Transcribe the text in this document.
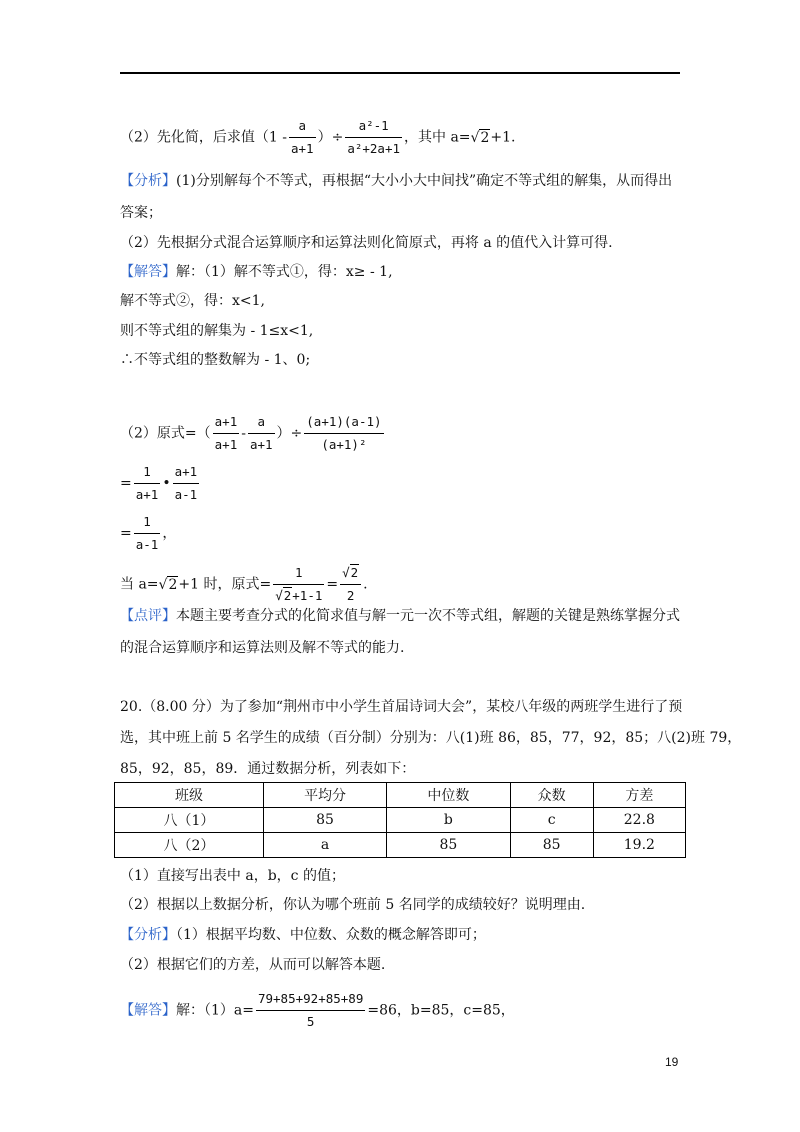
（2）先化简，后求值（$1 - \frac{a}{a+1}$ ）÷ $\frac{\text{a²-1}}{\text{a²+2a+1}}$ ，其中 a=√2+1.
【分析】(1)分别解每个不等式，再根据“大小小大中间找”确定不等式组的解集，从而得出
答案；
（2）先根据分式混合运算顺序和运算法则化简原式，再将 a 的值代入计算可得.
【解答】解：（1）解不等式①，得：x≥ - 1,
解不等式②，得：x<1,
则不等式组的解集为 - 1≤x<1,
∴不等式组的整数解为 - 1、0;
（2）原式=（ $\frac{a+1}{a+1} - \frac{a}{a+1}$ ）÷ $\frac{(a+1)(a-1)}{\text{(a+1)²}}$
= $\frac{1}{a+1}$ • $\frac{a+1}{a-1}$
= $\frac{1}{a-1}$ ，
当 a=√2+1 时，原式= $\frac{1}{√2+1-1} = \frac{√2}{2}$ .
【点评】本题主要考查分式的化简求值与解一元一次不等式组，解题的关键是熟练掌握分式
的混合运算顺序和运算法则及解不等式的能力.
20.（8.00 分）为了参加“荆州市中小学生首届诗词大会”，某校八年级的两班学生进行了预
选，其中班上前 5 名学生的成绩（百分制）分别为：八(1)班 86，85，77，92，85；八(2)班 79，
85，92，85，89．通过数据分析，列表如下：
班级	平均分	中位数	众数	方差
八（1）	85	b	c	22.8
八（2）	a	85	85	19.2
（1）直接写出表中 a，b，c 的值；
（2）根据以上数据分析，你认为哪个班前 5 名同学的成绩较好？说明理由.
【分析】（1）根据平均数、中位数、众数的概念解答即可；
（2）根据它们的方差，从而可以解答本题.
【解答】解：$(1)a= \frac{79+85+92+85+89}{5} =86$，b=85，c=85，
19
